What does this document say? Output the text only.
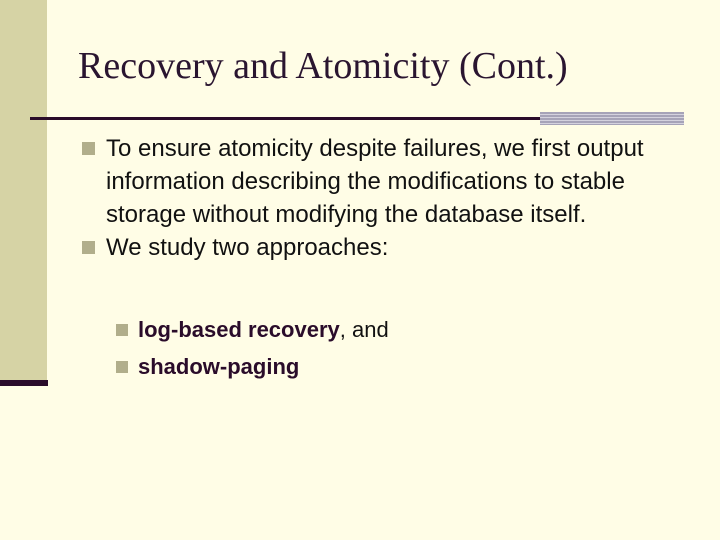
Recovery and Atomicity (Cont.)
To ensure atomicity despite failures, we first output information describing the modifications to stable storage without modifying the database itself.
We study two approaches:
log-based recovery, and
shadow-paging
